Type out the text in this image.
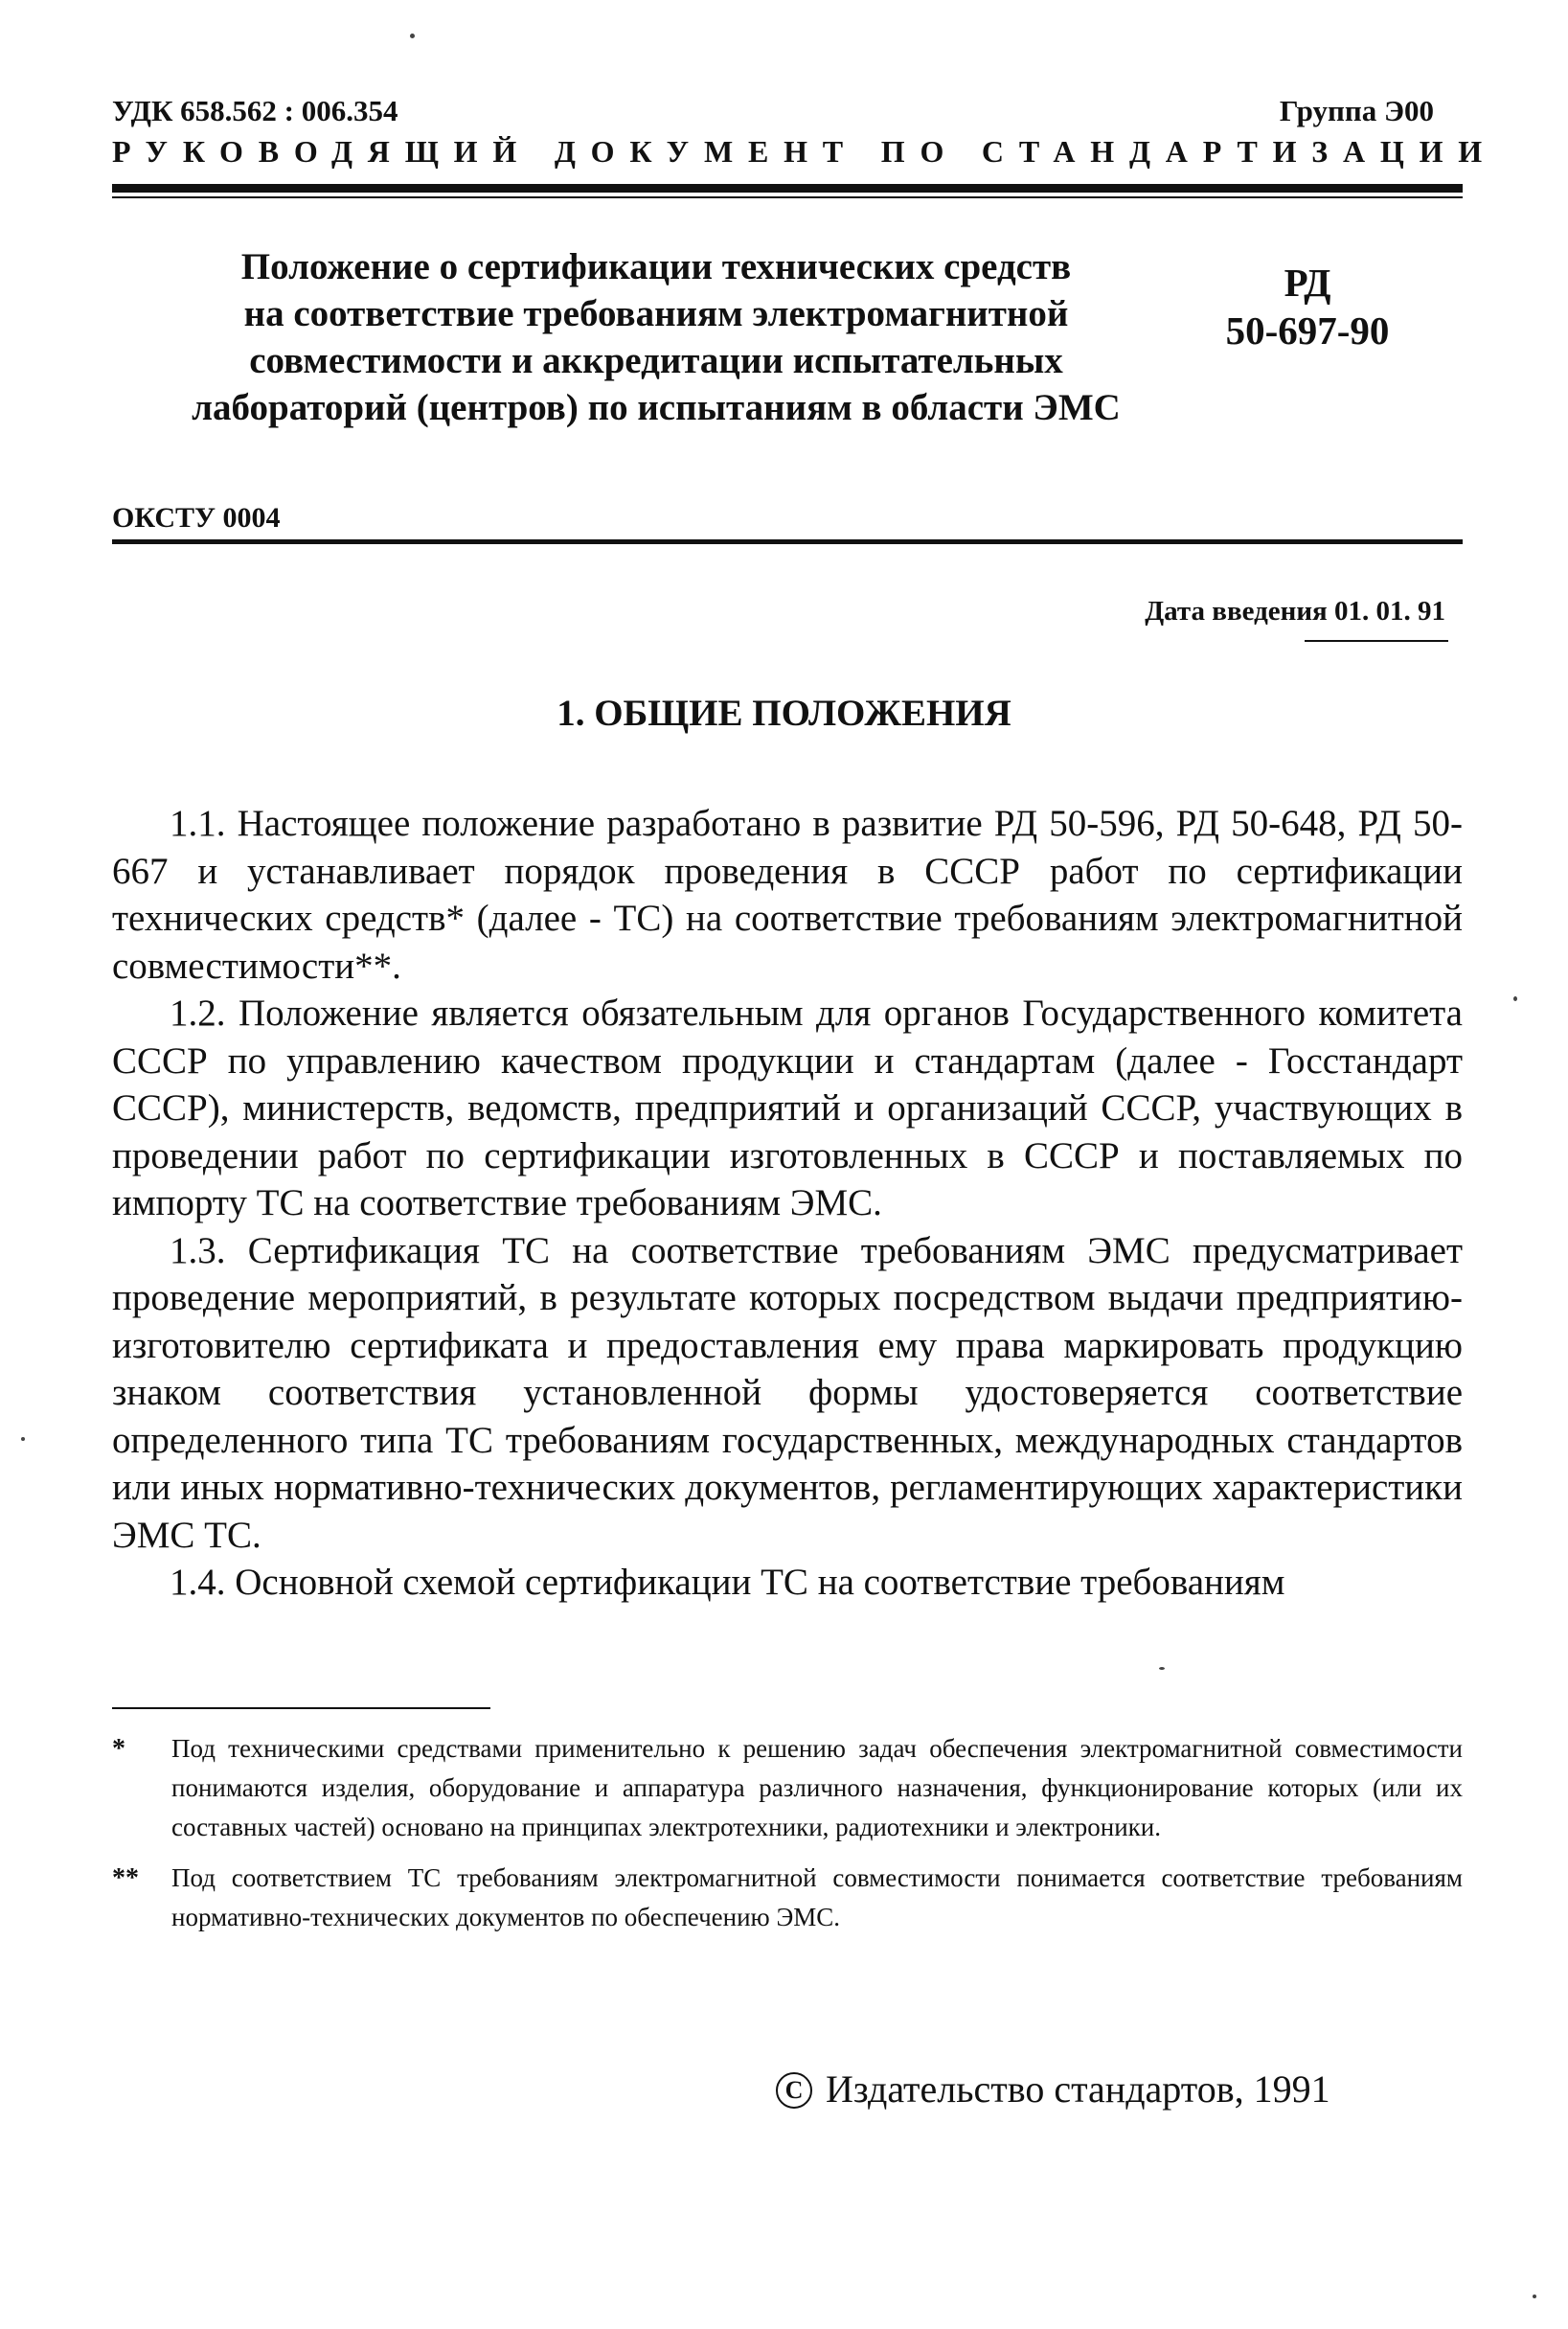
УДК 658.562 : 006.354	Группа Э00
РУКОВОДЯЩИЙ ДОКУМЕНТ ПО СТАНДАРТИЗАЦИИ
Положение о сертификации технических средств
на соответствие требованиям электромагнитной
совместимости и аккредитации испытательных
лабораторий (центров) по испытаниям в области ЭМС
РД
50-697-90
ОКСТУ 0004
Дата введения 01. 01. 91
1. ОБЩИЕ ПОЛОЖЕНИЯ

1.1. Настоящее положение разработано в развитие РД 50-596, РД 50-648, РД 50-667 и устанавливает порядок проведения в СССР работ по сертификации технических средств* (далее - ТС) на соответствие требованиям электромагнитной совместимости**.

1.2. Положение является обязательным для органов Государственного комитета СССР по управлению качеством продукции и стандартам (далее - Госстандарт СССР), министерств, ведомств, предприятий и организаций СССР, участвующих в проведении работ по сертификации изготовленных в СССР и поставляемых по импорту ТС на соответствие требованиям ЭМС.

1.3. Сертификация ТС на соответствие требованиям ЭМС предусматривает проведение мероприятий, в результате которых посредством выдачи предприятию-изготовителю сертификата и предоставления ему права маркировать продукцию знаком соответствия установленной формы удостоверяется соответствие определенного типа ТС требованиям государственных, международных стандартов или иных нормативно-технических документов, регламентирующих характеристики ЭМС ТС.

1.4. Основной схемой сертификации ТС на соответствие требованиям

* Под техническими средствами применительно к решению задач обеспечения электромагнитной совместимости понимаются изделия, оборудование и аппаратура различного назначения, функционирование которых (или их составных частей) основано на принципах электротехники, радиотехники и электроники.
** Под соответствием ТС требованиям электромагнитной совместимости понимается соответствие требованиям нормативно-технических документов по обеспечению ЭМС.
C Издательство стандартов, 1991
